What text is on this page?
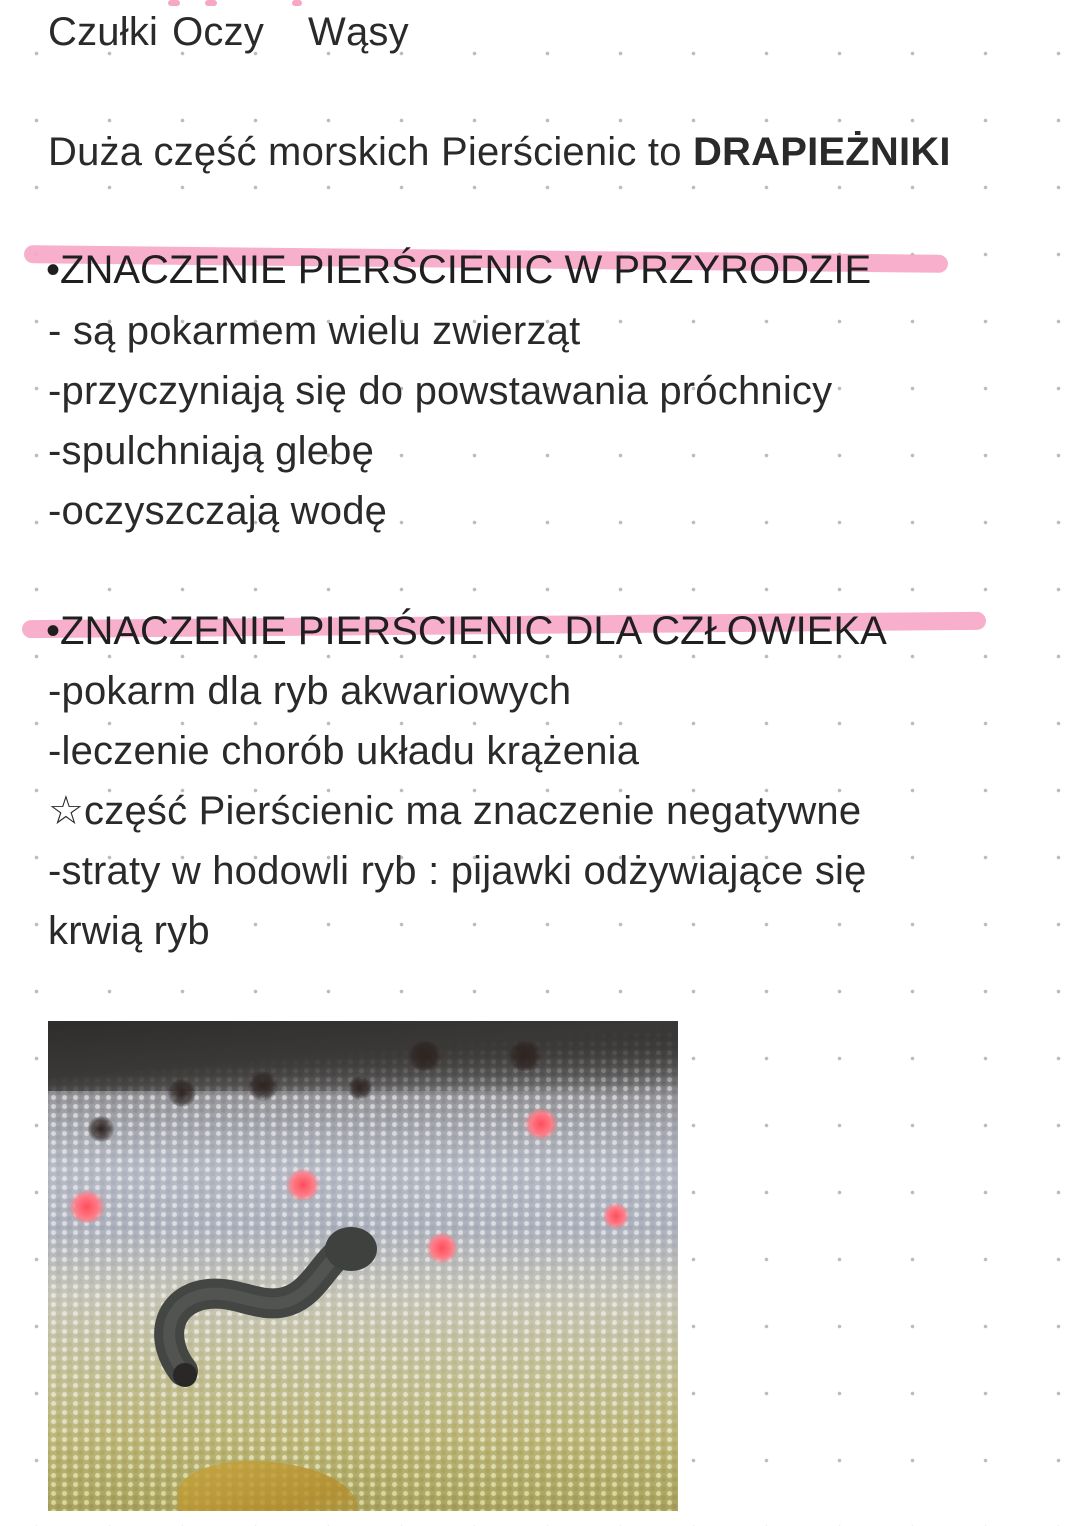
Czułki Oczy Wąsy
Duża część morskich Pierścienic to DRAPIEŻNIKI
•ZNACZENIE PIERŚCIENIC W PRZYRODZIE
- są pokarmem wielu zwierząt
-przyczyniają się do powstawania próchnicy
-spulchniają glebę
-oczyszczają wodę
•ZNACZENIE PIERŚCIENIC DLA CZŁOWIEKA
-pokarm dla ryb akwariowych
-leczenie chorób układu krążenia
☆część Pierścienic ma znaczenie negatywne
-straty w hodowli ryb : pijawki odżywiające się
krwią ryb
